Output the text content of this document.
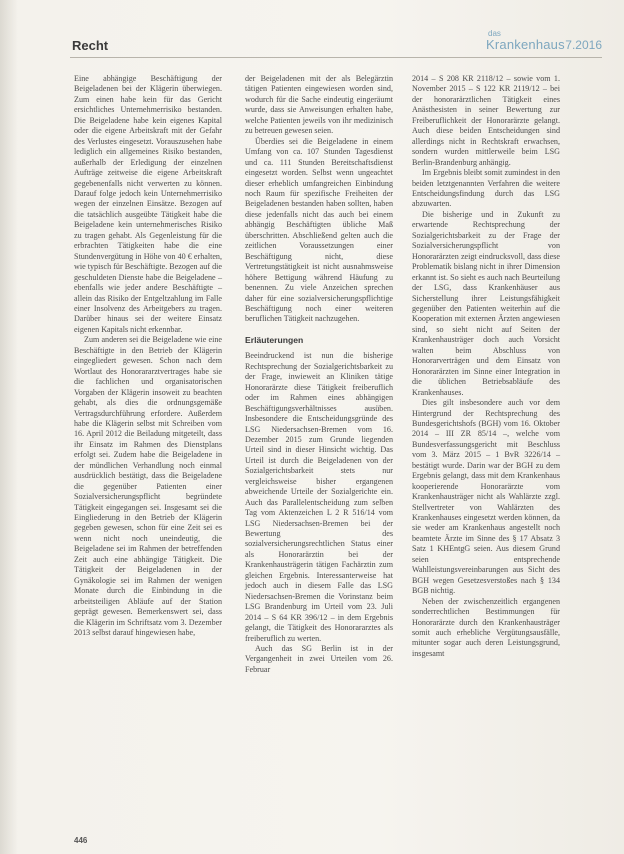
Recht
das
Krankenhaus 7.2016

Eine abhängige Beschäftigung der Beigeladenen bei der Klägerin überwiegen. Zum einen habe kein für das Gericht ersichtliches Unternehmerrisiko bestanden. Die Beigeladene habe kein eigenes Kapital oder die eigene Arbeitskraft mit der Gefahr des Verlustes eingesetzt. Vorauszusehen habe lediglich ein allgemeines Risiko bestanden, außerhalb der Erledigung der einzelnen Aufträge zeitweise die eigene Arbeitskraft gegebenenfalls nicht verwerten zu können. Darauf folge jedoch kein Unternehmerrisiko wegen der einzelnen Einsätze. Bezogen auf die tatsächlich ausgeübte Tätigkeit habe die Beigeladene kein unternehmerisches Risiko zu tragen gehabt. Als Gegenleistung für die erbrachten Tätigkeiten habe die eine Stundenvergütung in Höhe von 40 € erhalten, wie typisch für Beschäftigte. Bezogen auf die geschuldeten Dienste habe die Beigeladene – ebenfalls wie jeder andere Beschäftigte – allein das Risiko der Entgeltzahlung im Falle einer Insolvenz des Arbeitgebers zu tragen. Darüber hinaus sei der weitere Einsatz eigenen Kapitals nicht erkennbar.

Zum anderen sei die Beigeladene wie eine Beschäftigte in den Betrieb der Klägerin eingegliedert gewesen. Schon nach dem Wortlaut des Honorararztvertrages habe sie die fachlichen und organisatorischen Vorgaben der Klägerin insoweit zu beachten gehabt, als dies die ordnungsgemäße Vertragsdurchführung erfordere. Außerdem habe die Klägerin selbst mit Schreiben vom 16. April 2012 die Beiladung mitgeteilt, dass ihr Einsatz im Rahmen des Dienstplans erfolgt sei. Zudem habe die Beigeladene in der mündlichen Verhandlung noch einmal ausdrücklich bestätigt, dass die Beigeladene die gegenüber Patienten einer Sozialversicherungspflicht begründete Tätigkeit eingegangen sei. Insgesamt sei die Eingliederung in den Betrieb der Klägerin gegeben gewesen, schon für eine Zeit sei es wenn nicht noch uneindeutig, die Beigeladene sei im Rahmen der betreffenden Zeit auch eine abhängige Tätigkeit. Die Tätigkeit der Beigeladenen in der Gynäkologie sei im Rahmen der wenigen Monate durch die Einbindung in die arbeitsteiligen Abläufe auf der Station geprägt gewesen. Bemerkenswert sei, dass die Klägerin im Schriftsatz vom 3. Dezember 2013 selbst darauf hingewiesen habe,

der Beigeladenen mit der als Belegärztin tätigen Patienten eingewiesen worden sind, wodurch für die Sache eindeutig eingeräumt wurde, dass sie Anweisungen erhalten habe, welche Patienten jeweils von ihr medizinisch zu betreuen gewesen seien.

Überdies sei die Beigeladene in einem Umfang von ca. 107 Stunden Tagesdienst und ca. 111 Stunden Bereitschaftsdienst eingesetzt worden. Selbst wenn ungeachtet dieser erheblich umfangreichen Einbindung noch Raum für spezifische Freiheiten der Beigeladenen bestanden haben sollten, haben diese jedenfalls nicht das auch bei einem abhängig Beschäftigten übliche Maß überschritten. Abschließend gelten auch die zeitlichen Voraussetzungen einer Beschäftigung nicht, diese Vertretungstätigkeit ist nicht ausnahmsweise höhere Bettigung während Häufung zu benennen. Zu viele Anzeichen sprechen daher für eine sozialversicherungspflichtige Beschäftigung noch einer weiteren beruflichen Tätigkeit nachzugehen.

Erläuterungen

Beeindruckend ist nun die bisherige Rechtsprechung der Sozialgerichtsbarkeit zu der Frage, inwieweit an Kliniken tätige Honorarärzte diese Tätigkeit freiberuflich oder im Rahmen eines abhängigen Beschäftigungsverhältnisses ausüben. Insbesondere die Entscheidungsgründe des LSG Niedersachsen-Bremen vom 16. Dezember 2015 zum Grunde liegenden Urteil sind in dieser Hinsicht wichtig. Das Urteil ist durch die Beigeladenen von der Sozialgerichtsbarkeit stets nur vergleichsweise bisher ergangenen abweichende Urteile der Sozialgerichte ein. Auch das Parallelentscheidung zum selben Tag vom Aktenzeichen L 2 R 516/14 vom LSG Niedersachsen-Bremen bei der Bewertung des sozialversicherungsrechtlichen Status einer als Honorarärztin bei der Krankenhausträgerin tätigen Fachärztin zum gleichen Ergebnis. Interessanterweise hat jedoch auch in diesem Falle das LSG Niedersachsen-Bremen die Vorinstanz beim LSG Brandenburg im Urteil vom 23. Juli 2014 – S 64 KR 396/12 – in dem Ergebnis gelangt, die Tätigkeit des Honorararztes als freiberuflich zu werten.

Auch das SG Berlin ist in der Vergangenheit in zwei Urteilen vom 26. Februar

2014 – S 208 KR 2118/12 – sowie vom 1. November 2015 – S 122 KR 2119/12 – bei der honorarärztlichen Tätigkeit eines Anästhesisten in seiner Bewertung zur Freiberuflichkeit der Honorarärzte gelangt. Auch diese beiden Entscheidungen sind allerdings nicht in Rechtskraft erwachsen, sondern wurden mittlerweile beim LSG Berlin-Brandenburg anhängig.

Im Ergebnis bleibt somit zumindest in den beiden letztgenannten Verfahren die weitere Entscheidungsfindung durch das LSG abzuwarten.

Die bisherige und in Zukunft zu erwartende Rechtsprechung der Sozialgerichtsbarkeit zu der Frage der Sozialversicherungspflicht von Honorarärzten zeigt eindrucksvoll, dass diese Problematik bislang nicht in ihrer Dimension erkannt ist. So sieht es auch nach Beurteilung der LSG, dass Krankenhäuser aus Sicherstellung ihrer Leistungsfähigkeit gegenüber den Patienten weiterhin auf die Kooperation mit externen Ärzten angewiesen sind, so sieht nicht auf Seiten der Krankenhausträger doch auch Vorsicht walten beim Abschluss von Honorarverträgen und dem Einsatz von Honorarärzten im Sinne einer Integration in die üblichen Betriebsabläufe des Krankenhauses.

Dies gilt insbesondere auch vor dem Hintergrund der Rechtsprechung des Bundesgerichtshofs (BGH) vom 16. Oktober 2014 – III ZR 85/14 –, welche vom Bundesverfassungsgericht mit Beschluss vom 3. März 2015 – 1 BvR 3226/14 – bestätigt wurde. Darin war der BGH zu dem Ergebnis gelangt, dass mit dem Krankenhaus kooperierende Honorarärzte vom Krankenhausträger nicht als Wahlärzte zzgl. Stellvertreter von Wahlärzten des Krankenhauses eingesetzt werden können, da sie weder am Krankenhaus angestellt noch beamtete Ärzte im Sinne des § 17 Absatz 3 Satz 1 KHEntgG seien. Aus diesem Grund seien entsprechende Wahlleistungsvereinbarungen aus Sicht des BGH wegen Gesetzesverstoßes nach § 134 BGB nichtig.

Neben der zwischenzeitlich ergangenen sonderrechtlichen Bestimmungen für Honorarärzte durch den Krankenhausträger somit auch erhebliche Vergütungsausfälle, mitunter sogar auch deren Leistungsgrund, insgesamt

446
